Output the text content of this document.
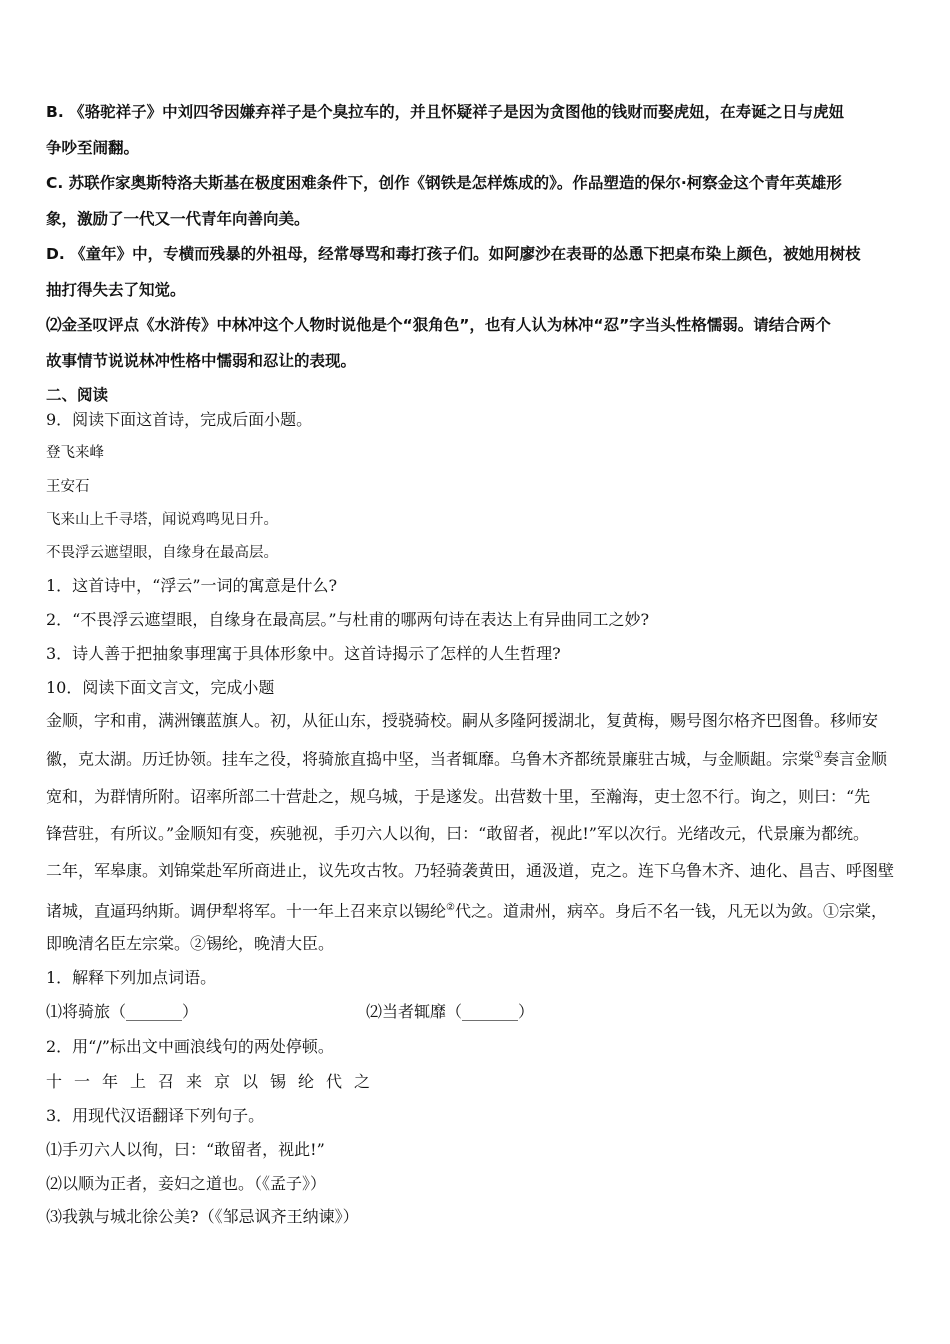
B. 《骆驼祥子》中刘四爷因嫌弃祥子是个臭拉车的，并且怀疑祥子是因为贪图他的钱财而娶虎妞，在寿诞之日与虎妞
争吵至闹翻。
C. 苏联作家奥斯特洛夫斯基在极度困难条件下，创作《钢铁是怎样炼成的》。作品塑造的保尔·柯察金这个青年英雄形
象，激励了一代又一代青年向善向美。
D. 《童年》中，专横而残暴的外祖母，经常辱骂和毒打孩子们。如阿廖沙在表哥的怂恿下把桌布染上颜色，被她用树枝
抽打得失去了知觉。
⑵金圣叹评点《水浒传》中林冲这个人物时说他是个“狠角色”，也有人认为林冲“忍”字当头性格懦弱。请结合两个
故事情节说说林冲性格中懦弱和忍让的表现。
二、阅读
9．阅读下面这首诗，完成后面小题。
登飞来峰
王安石
飞来山上千寻塔，闻说鸡鸣见日升。
不畏浮云遮望眼，自缘身在最高层。
1．这首诗中，“浮云”一词的寓意是什么?
2．“不畏浮云遮望眼，自缘身在最高层。”与杜甫的哪两句诗在表达上有异曲同工之妙?
3．诗人善于把抽象事理寓于具体形象中。这首诗揭示了怎样的人生哲理?
10．阅读下面文言文，完成小题
金顺，字和甫，满洲镶蓝旗人。初，从征山东，授骁骑校。嗣从多隆阿援湖北，复黄梅，赐号图尔格齐巴图鲁。移师安
徽，克太湖。历迁协领。挂车之役，将骑旅直捣中坚，当者辄靡。乌鲁木齐都统景廉驻古城，与金顺龃。宗棠①奏言金顺
宽和，为群情所附。诏率所部二十营赴之，规乌城，于是遂发。出营数十里，至瀚海，吏士忽不行。询之，则曰：“先
锋营驻，有所议。”金顺知有变，疾驰视，手刃六人以徇，曰：“敢留者，视此!”军以次行。光绪改元，代景廉为都统。
二年，军皋康。刘锦棠赴军所商进止，议先攻古牧。乃轻骑袭黄田，通汲道，克之。连下乌鲁木齐、迪化、昌吉、呼图壁
诸城，直逼玛纳斯。调伊犁将军。十一年上召来京以锡纶②代之。道肃州，病卒。身后不名一钱，凡无以为敛。①宗棠，
即晚清名臣左宗棠。②锡纶，晚清大臣。
1．解释下列加点词语。
⑴将骑旅（_______）	⑵当者辄靡（_______）
2．用“/”标出文中画浪线句的两处停顿。
十一年上召来京以锡纶代之
3．用现代汉语翻译下列句子。
⑴手刃六人以徇，曰：“敢留者，视此!”
⑵以顺为正者，妾妇之道也。（《孟子》）
⑶我孰与城北徐公美?（《邹忌讽齐王纳谏》）
